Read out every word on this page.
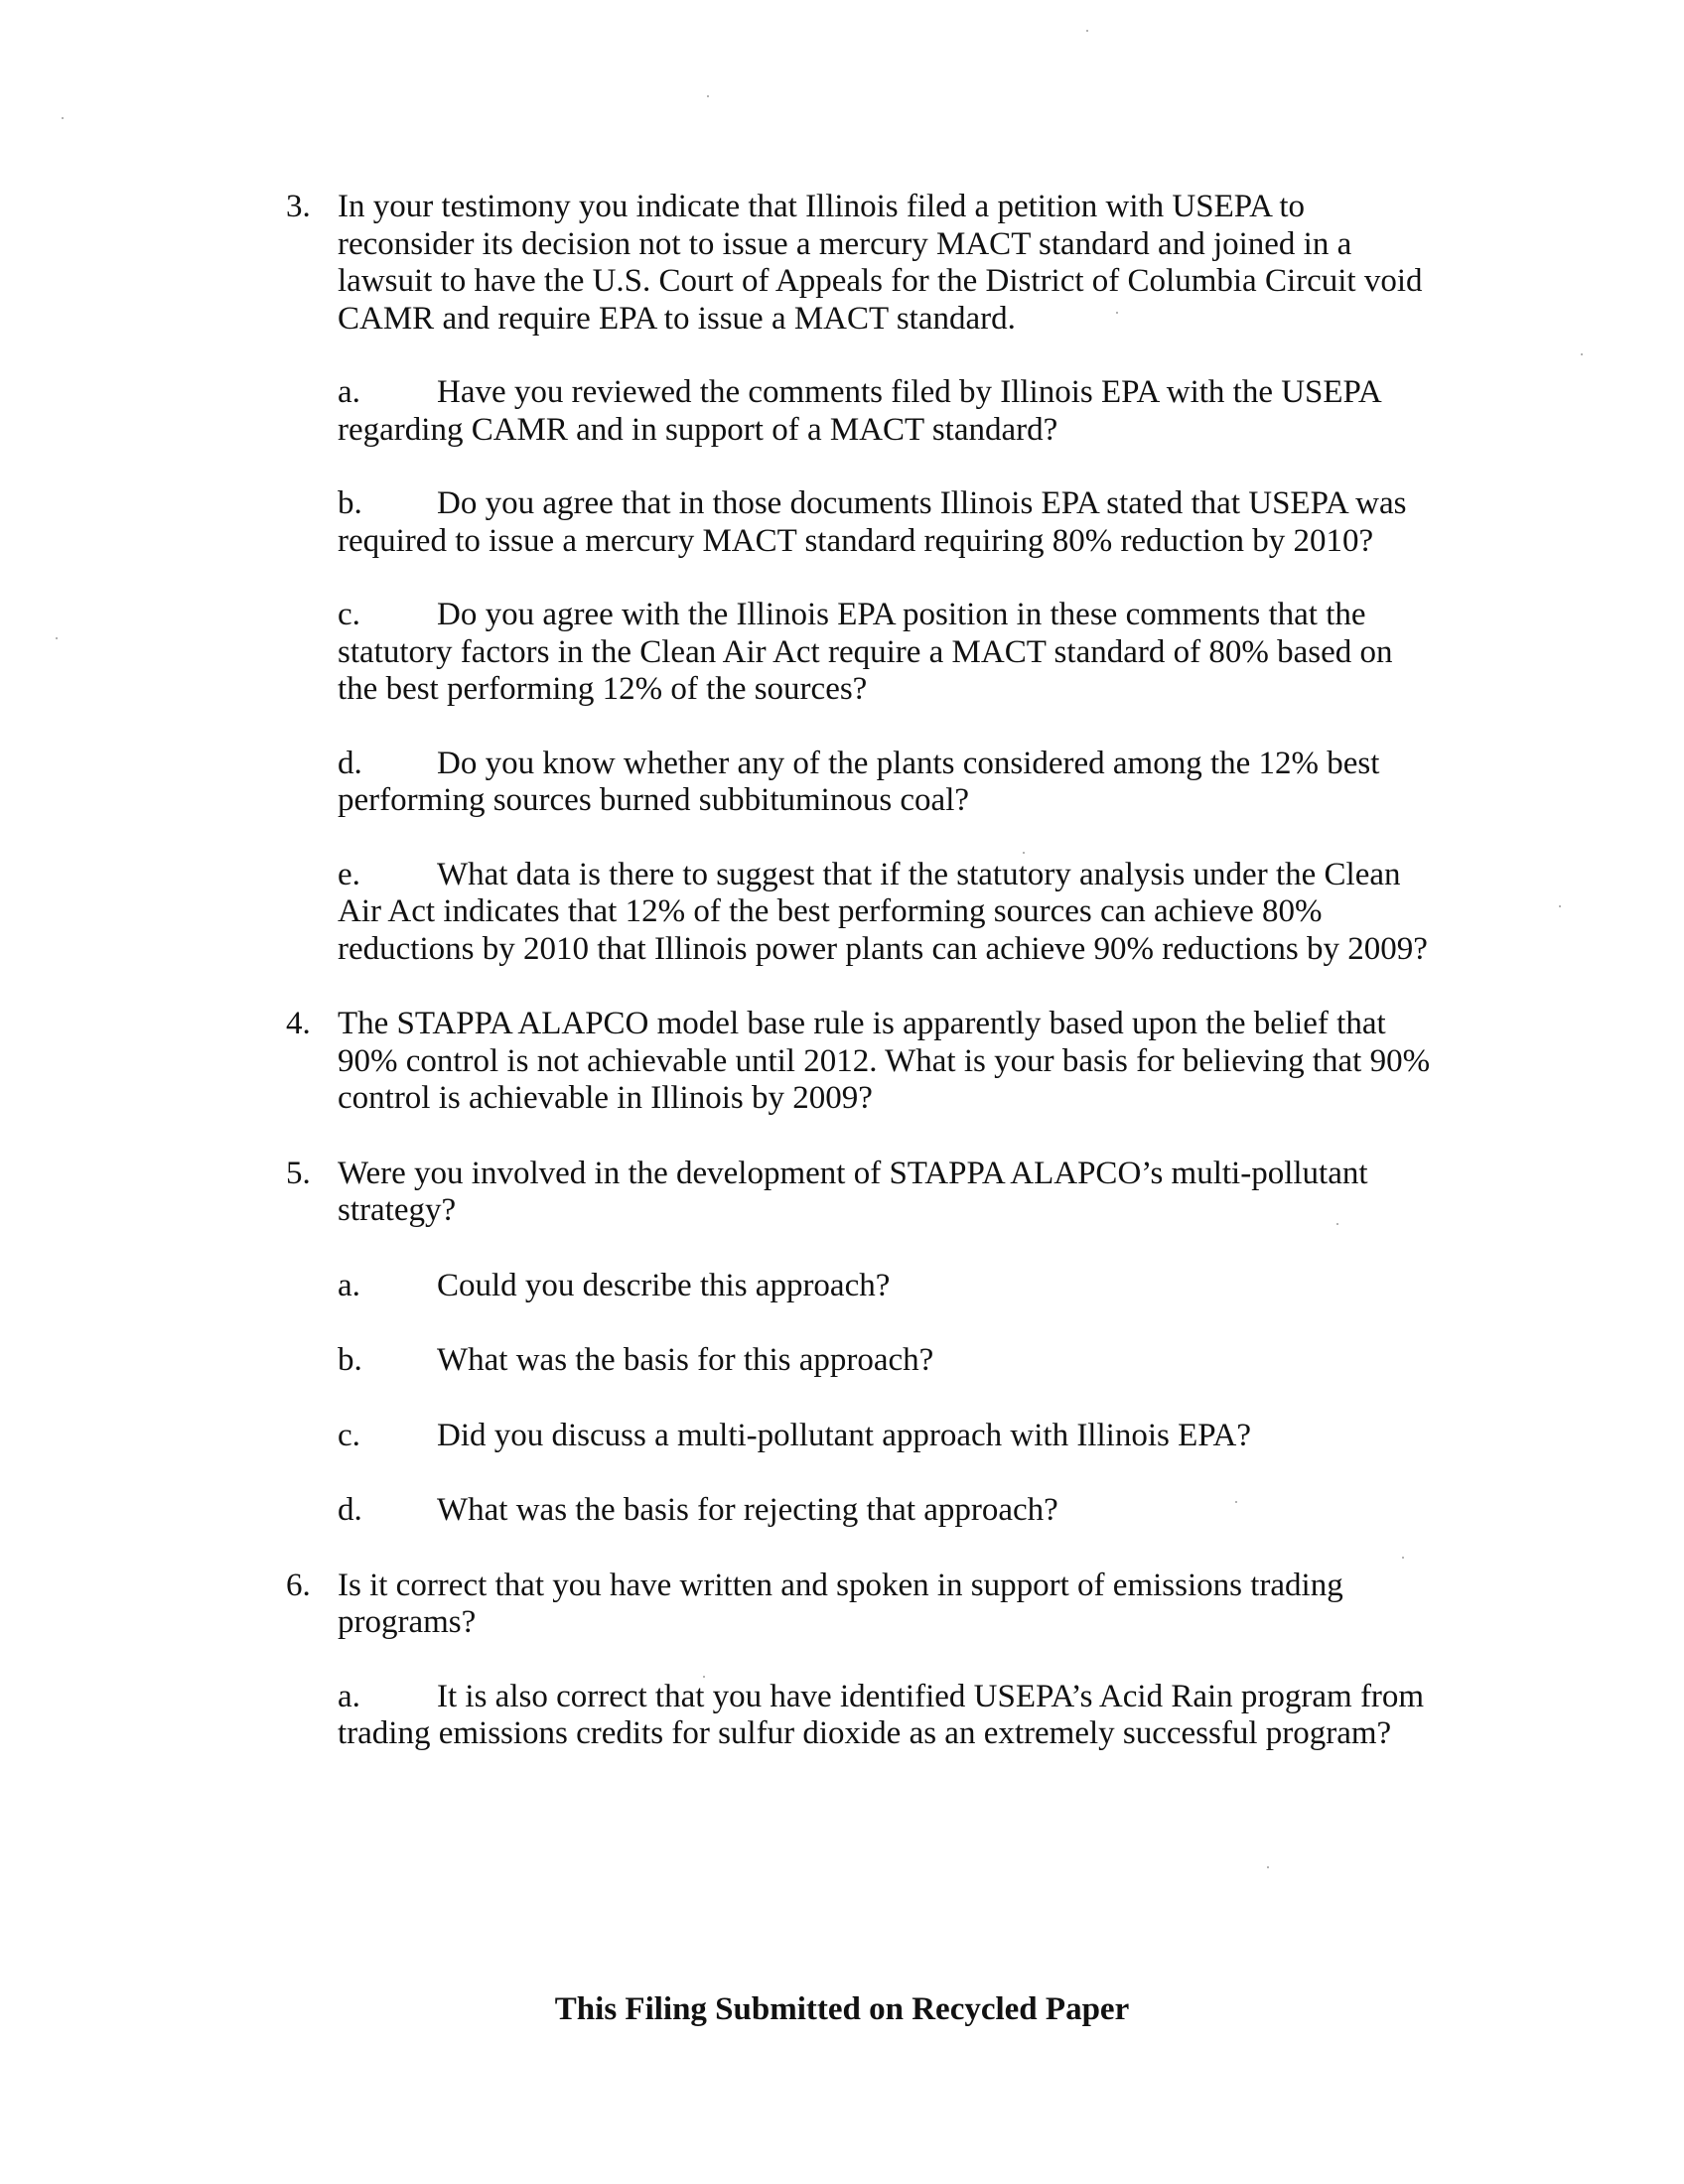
3. In your testimony you indicate that Illinois filed a petition with USEPA to reconsider its decision not to issue a mercury MACT standard and joined in a lawsuit to have the U.S. Court of Appeals for the District of Columbia Circuit void CAMR and require EPA to issue a MACT standard.
a. Have you reviewed the comments filed by Illinois EPA with the USEPA regarding CAMR and in support of a MACT standard?
b. Do you agree that in those documents Illinois EPA stated that USEPA was required to issue a mercury MACT standard requiring 80% reduction by 2010?
c. Do you agree with the Illinois EPA position in these comments that the statutory factors in the Clean Air Act require a MACT standard of 80% based on the best performing 12% of the sources?
d. Do you know whether any of the plants considered among the 12% best performing sources burned subbituminous coal?
e. What data is there to suggest that if the statutory analysis under the Clean Air Act indicates that 12% of the best performing sources can achieve 80% reductions by 2010 that Illinois power plants can achieve 90% reductions by 2009?
4. The STAPPA ALAPCO model base rule is apparently based upon the belief that 90% control is not achievable until 2012. What is your basis for believing that 90% control is achievable in Illinois by 2009?
5. Were you involved in the development of STAPPA ALAPCO’s multi-pollutant strategy?
a. Could you describe this approach?
b. What was the basis for this approach?
c. Did you discuss a multi-pollutant approach with Illinois EPA?
d. What was the basis for rejecting that approach?
6. Is it correct that you have written and spoken in support of emissions trading programs?
a. It is also correct that you have identified USEPA’s Acid Rain program from trading emissions credits for sulfur dioxide as an extremely successful program?
This Filing Submitted on Recycled Paper
